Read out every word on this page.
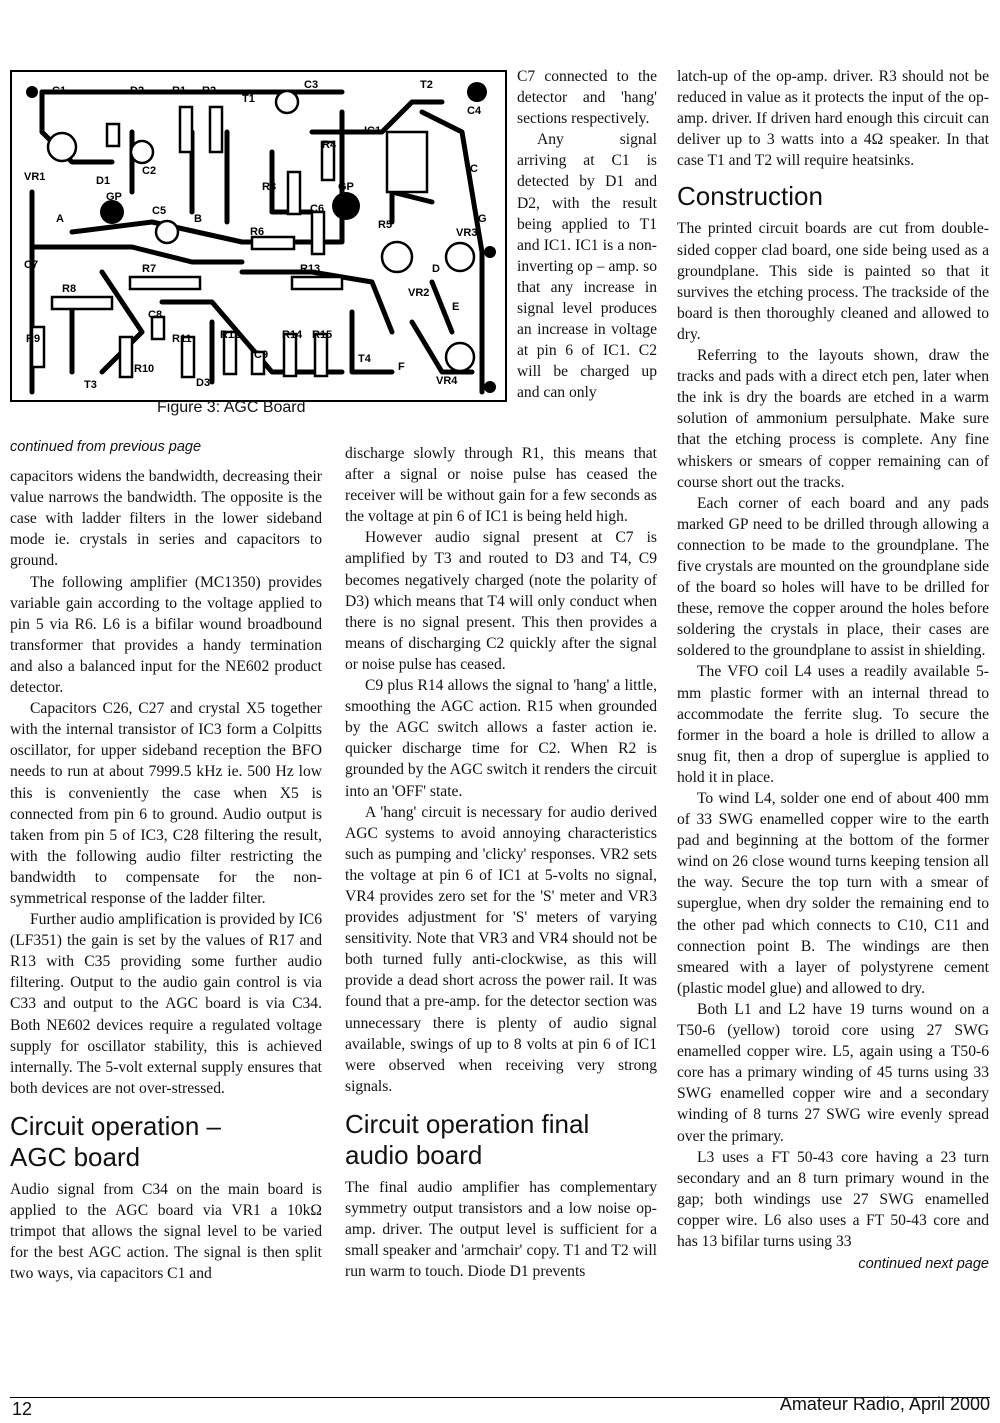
C1	D2	R1 R2
T1
C3	T2
C4
VR1	D1
GP
C2
A
C5
B
R3
R4
IC1
C
GP
G
R5
R6
C6
D
VR3
C7
R8
R7	R13
VR2
E
R9
C8
R11	R12
C9
R14 R15
T4
F
R10
D3
T3	VR4
Figure 3: AGC Board
continued from previous page

capacitors widens the bandwidth, decreasing their value narrows the bandwidth. The opposite is the case with ladder filters in the lower sideband mode ie. crystals in series and capacitors to ground.

The following amplifier (MC1350) provides variable gain according to the voltage applied to pin 5 via R6. L6 is a bifilar wound broadbound transformer that provides a handy termination and also a balanced input for the NE602 product detector.

Capacitors C26, C27 and crystal X5 together with the internal transistor of IC3 form a Colpitts oscillator, for upper sideband reception the BFO needs to run at about 7999.5 kHz ie. 500 Hz low this is conveniently the case when X5 is connected from pin 6 to ground. Audio output is taken from pin 5 of IC3, C28 filtering the result, with the following audio filter restricting the bandwidth to compensate for the non-symmetrical response of the ladder filter.

Further audio amplification is provided by IC6 (LF351) the gain is set by the values of R17 and R13 with C35 providing some further audio filtering. Output to the audio gain control is via C33 and output to the AGC board is via C34. Both NE602 devices require a regulated voltage supply for oscillator stability, this is achieved internally. The 5-volt external supply ensures that both devices are not over-stressed.

Circuit operation – AGC board

Audio signal from C34 on the main board is applied to the AGC board via VR1 a 10kΩ trimpot that allows the signal level to be varied for the best AGC action. The signal is then split two ways, via capacitors C1 and

C7 connected to the detector and 'hang' sections respectively.

Any signal arriving at C1 is detected by D1 and D2, with the result being applied to T1 and IC1. IC1 is a non-inverting op – amp. so that any increase in signal level produces an increase in voltage at pin 6 of IC1. C2 will be charged up and can only

discharge slowly through R1, this means that after a signal or noise pulse has ceased the receiver will be without gain for a few seconds as the voltage at pin 6 of IC1 is being held high.

However audio signal present at C7 is amplified by T3 and routed to D3 and T4, C9 becomes negatively charged (note the polarity of D3) which means that T4 will only conduct when there is no signal present. This then provides a means of discharging C2 quickly after the signal or noise pulse has ceased.

C9 plus R14 allows the signal to 'hang' a little, smoothing the AGC action. R15 when grounded by the AGC switch allows a faster action ie. quicker discharge time for C2. When R2 is grounded by the AGC switch it renders the circuit into an 'OFF' state.

A 'hang' circuit is necessary for audio derived AGC systems to avoid annoying characteristics such as pumping and 'clicky' responses. VR2 sets the voltage at pin 6 of IC1 at 5-volts no signal, VR4 provides zero set for the 'S' meter and VR3 provides adjustment for 'S' meters of varying sensitivity. Note that VR3 and VR4 should not be both turned fully anti-clockwise, as this will provide a dead short across the power rail. It was found that a pre-amp. for the detector section was unnecessary there is plenty of audio signal available, swings of up to 8 volts at pin 6 of IC1 were observed when receiving very strong signals.

Circuit operation final audio board

The final audio amplifier has complementary symmetry output transistors and a low noise op-amp. driver. The output level is sufficient for a small speaker and 'armchair' copy. T1 and T2 will run warm to touch. Diode D1 prevents

latch-up of the op-amp. driver. R3 should not be reduced in value as it protects the input of the op-amp. driver. If driven hard enough this circuit can deliver up to 3 watts into a 4Ω speaker. In that case T1 and T2 will require heatsinks.

Construction

The printed circuit boards are cut from double-sided copper clad board, one side being used as a groundplane. This side is painted so that it survives the etching process. The trackside of the board is then thoroughly cleaned and allowed to dry.

Referring to the layouts shown, draw the tracks and pads with a direct etch pen, later when the ink is dry the boards are etched in a warm solution of ammonium persulphate. Make sure that the etching process is complete. Any fine whiskers or smears of copper remaining can of course short out the tracks.

Each corner of each board and any pads marked GP need to be drilled through allowing a connection to be made to the groundplane. The five crystals are mounted on the groundplane side of the board so holes will have to be drilled for these, remove the copper around the holes before soldering the crystals in place, their cases are soldered to the groundplane to assist in shielding.

The VFO coil L4 uses a readily available 5-mm plastic former with an internal thread to accommodate the ferrite slug. To secure the former in the board a hole is drilled to allow a snug fit, then a drop of superglue is applied to hold it in place.

To wind L4, solder one end of about 400 mm of 33 SWG enamelled copper wire to the earth pad and beginning at the bottom of the former wind on 26 close wound turns keeping tension all the way. Secure the top turn with a smear of superglue, when dry solder the remaining end to the other pad which connects to C10, C11 and connection point B. The windings are then smeared with a layer of polystyrene cement (plastic model glue) and allowed to dry.

Both L1 and L2 have 19 turns wound on a T50-6 (yellow) toroid core using 27 SWG enamelled copper wire. L5, again using a T50-6 core has a primary winding of 45 turns using 33 SWG enamelled copper wire and a secondary winding of 8 turns 27 SWG wire evenly spread over the primary.

L3 uses a FT 50-43 core having a 23 turn secondary and an 8 turn primary wound in the gap; both windings use 27 SWG enamelled copper wire. L6 also uses a FT 50-43 core and has 13 bifilar turns using 33

continued next page
12	Amateur Radio, April 2000
